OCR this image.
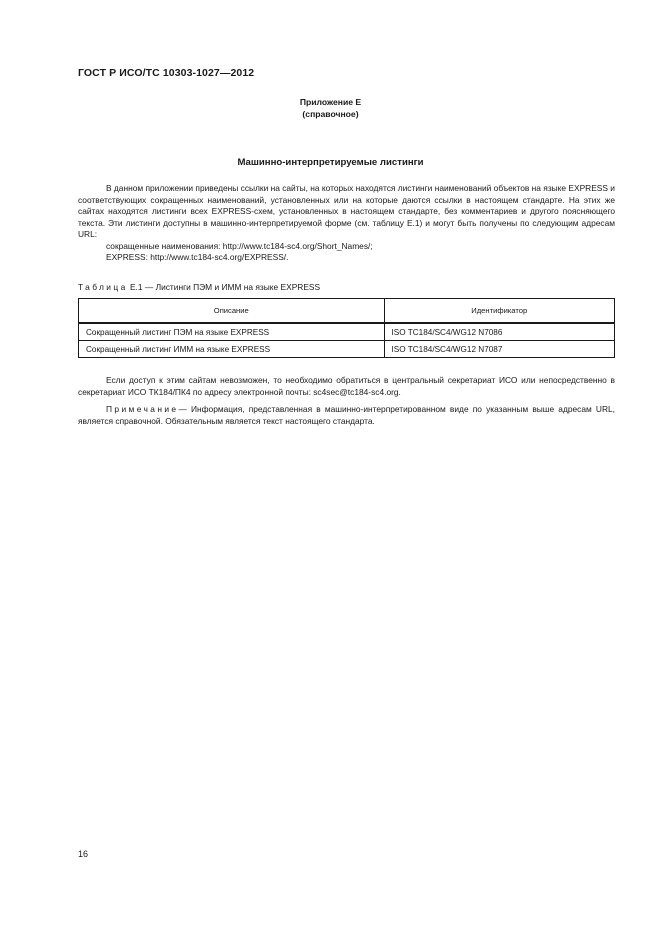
ГОСТ Р ИСО/ТС 10303-1027—2012
Приложение E
(справочное)
Машинно-интерпретируемые листинги

В данном приложении приведены ссылки на сайты, на которых находятся листинги наименований объектов на языке EXPRESS и соответствующих сокращенных наименований, установленных или на которые даются ссылки в настоящем стандарте. На этих же сайтах находятся листинги всех EXPRESS-схем, установленных в настоящем стандарте, без комментариев и другого поясняющего текста. Эти листинги доступны в машинно-интерпретируемой форме (см. таблицу E.1) и могут быть получены по следующим адресам URL:

сокращенные наименования: http://www.tc184-sc4.org/Short_Names/;
EXPRESS: http://www.tc184-sc4.org/EXPRESS/.
Таблица E.1 — Листинги ПЭМ и ИММ на языке EXPRESS
Описание	Идентификатор
Сокращенный листинг ПЭМ на языке EXPRESS	ISO TC184/SC4/WG12 N7086
Сокращенный листинг ИММ на языке EXPRESS	ISO TC184/SC4/WG12 N7087

Если доступ к этим сайтам невозможен, то необходимо обратиться в центральный секретариат ИСО или непосредственно в секретариат ИСО ТК184/ПК4 по адресу электронной почты: sc4sec@tc184-sc4.org.

Примечание— Информация, представленная в машинно-интерпретированном виде по указанным выше адресам URL, является справочной. Обязательным является текст настоящего стандарта.

16
